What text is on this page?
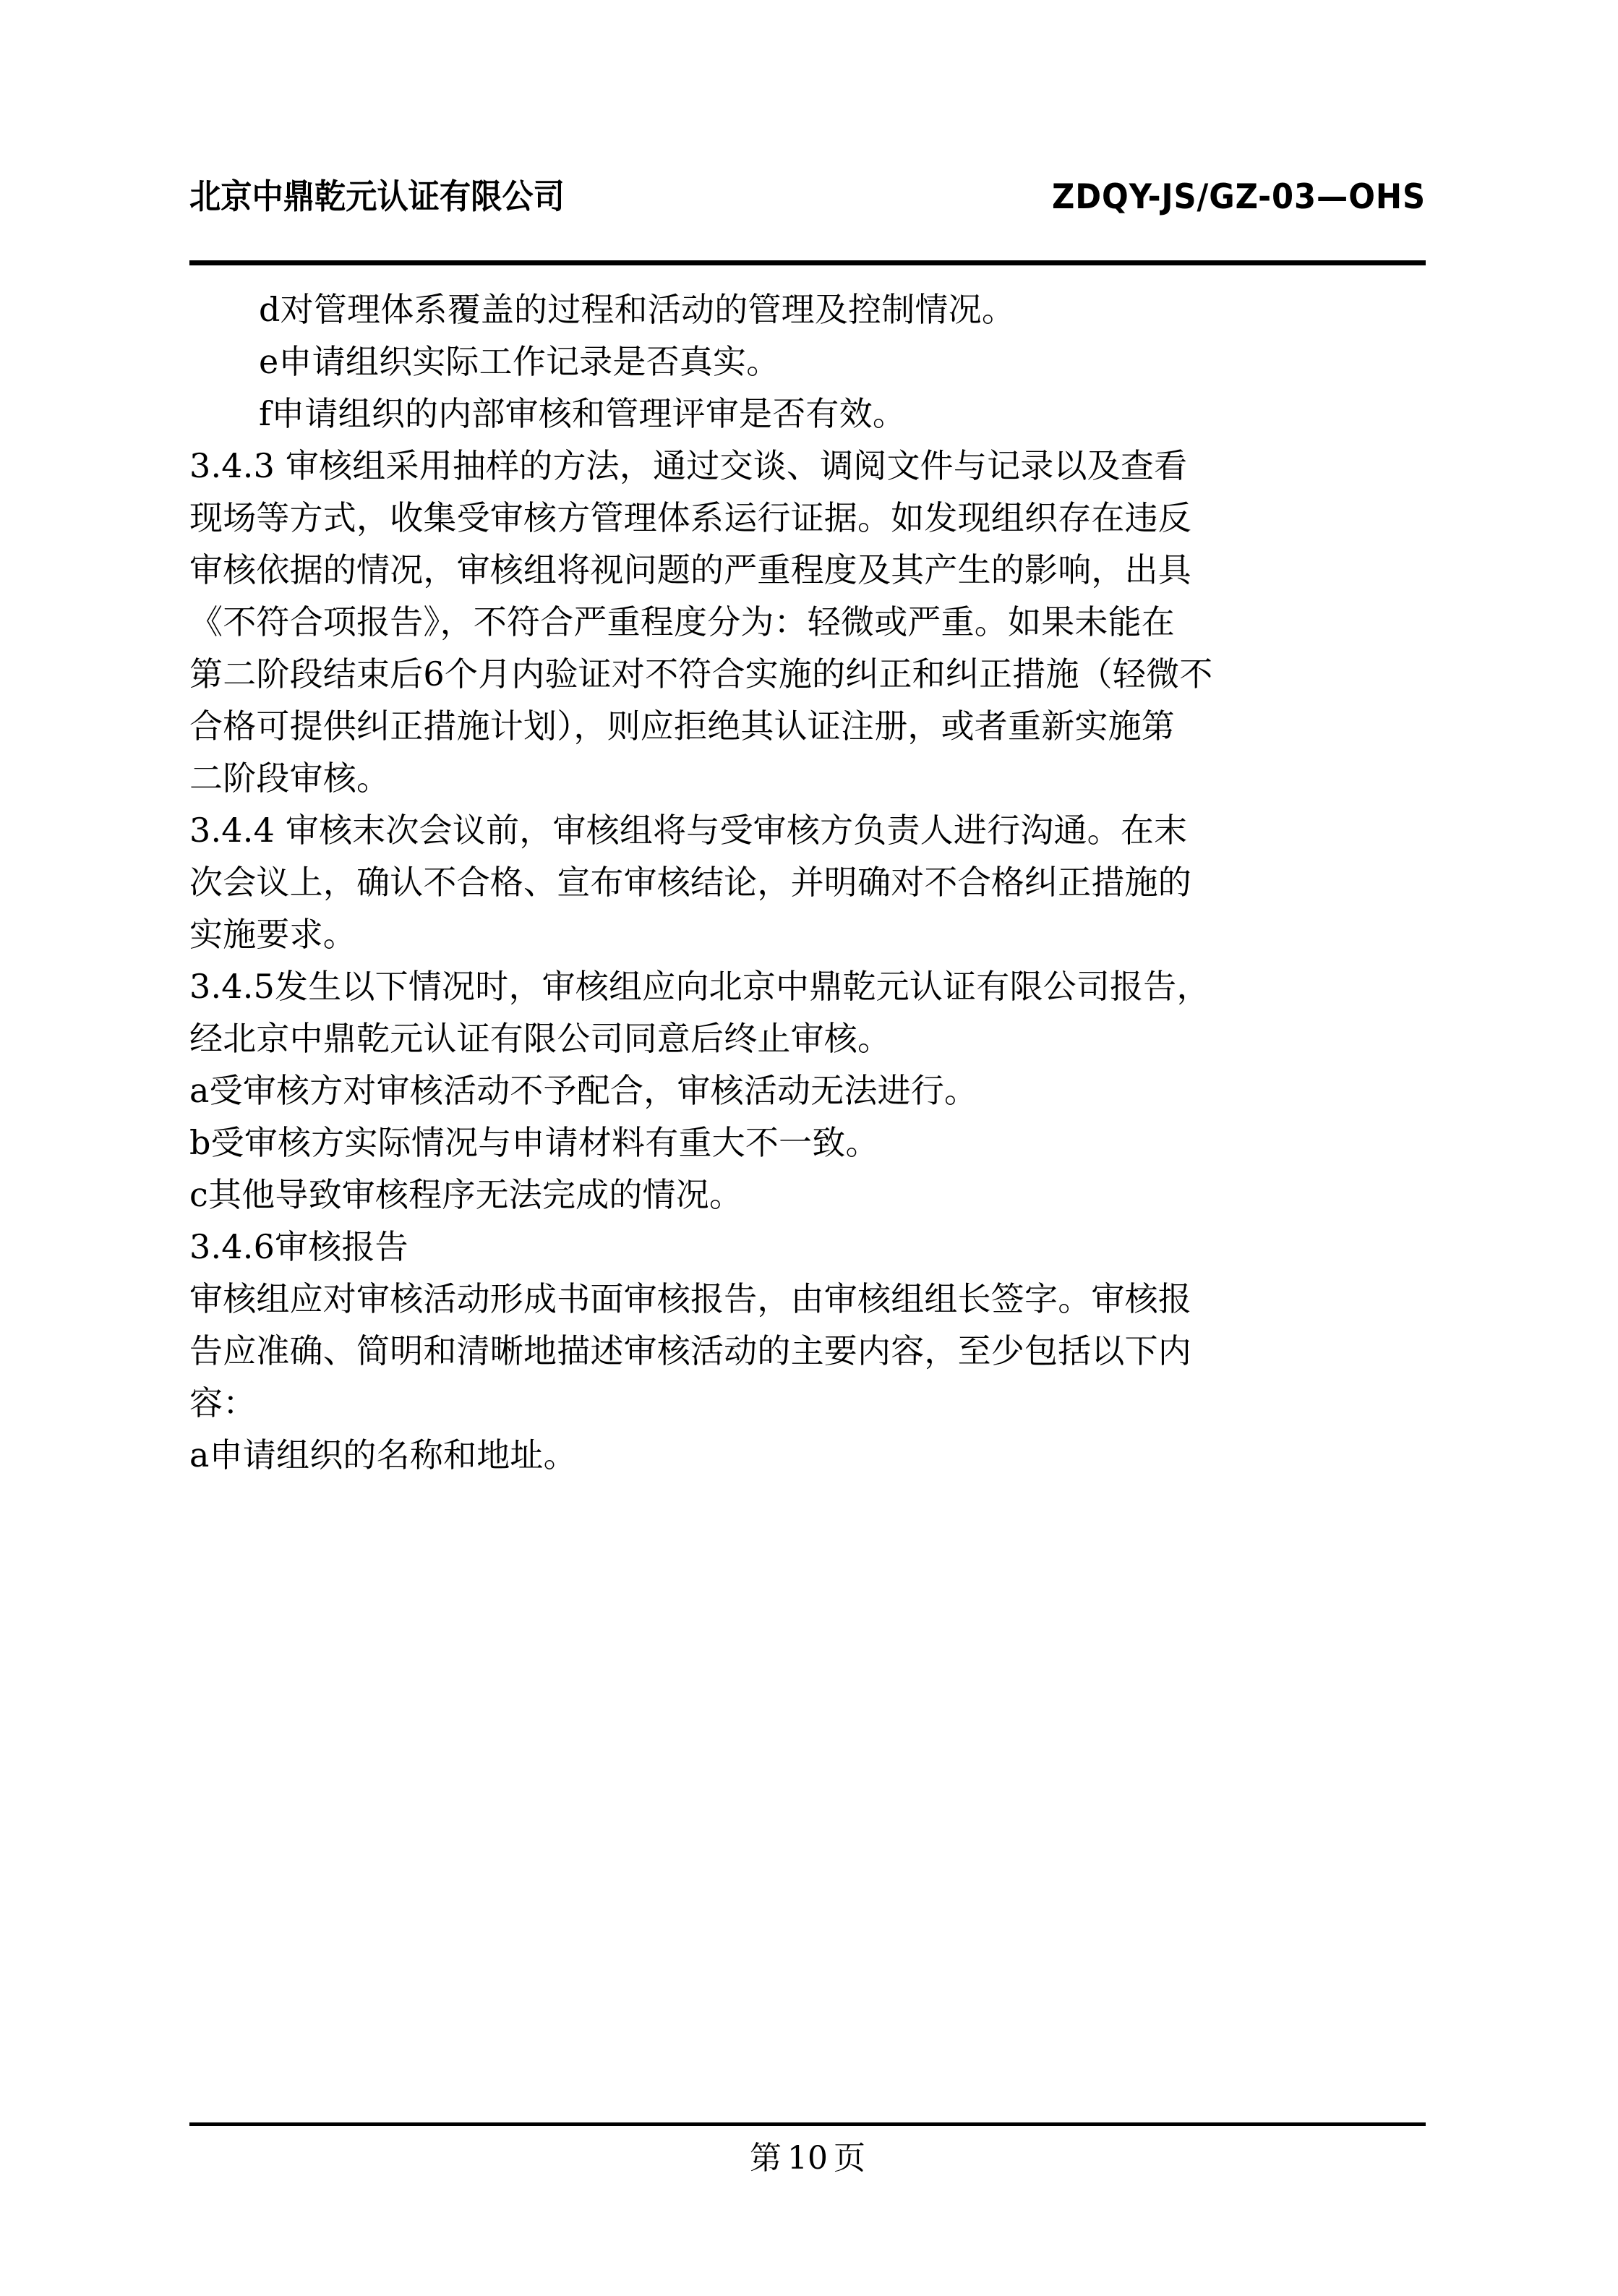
北京中鼎乾元认证有限公司	ZDQY-JS/GZ-03—OHS
d对管理体系覆盖的过程和活动的管理及控制情况。
e申请组织实际工作记录是否真实。
f申请组织的内部审核和管理评审是否有效。
3.4.3 审核组采用抽样的方法，通过交谈、调阅文件与记录以及查看
现场等方式，收集受审核方管理体系运行证据。如发现组织存在违反
审核依据的情况，审核组将视问题的严重程度及其产生的影响，出具
《不符合项报告》，不符合严重程度分为：轻微或严重。如果未能在
第二阶段结束后6个月内验证对不符合实施的纠正和纠正措施（轻微不
合格可提供纠正措施计划），则应拒绝其认证注册，或者重新实施第
二阶段审核。
3.4.4 审核末次会议前，审核组将与受审核方负责人进行沟通。在末
次会议上，确认不合格、宣布审核结论，并明确对不合格纠正措施的
实施要求。
3.4.5发生以下情况时，审核组应向北京中鼎乾元认证有限公司报告，
经北京中鼎乾元认证有限公司同意后终止审核。
a受审核方对审核活动不予配合，审核活动无法进行。
b受审核方实际情况与申请材料有重大不一致。
c其他导致审核程序无法完成的情况。
3.4.6审核报告
审核组应对审核活动形成书面审核报告，由审核组组长签字。审核报
告应准确、简明和清晰地描述审核活动的主要内容，至少包括以下内
容：
a申请组织的名称和地址。
第 10 页
